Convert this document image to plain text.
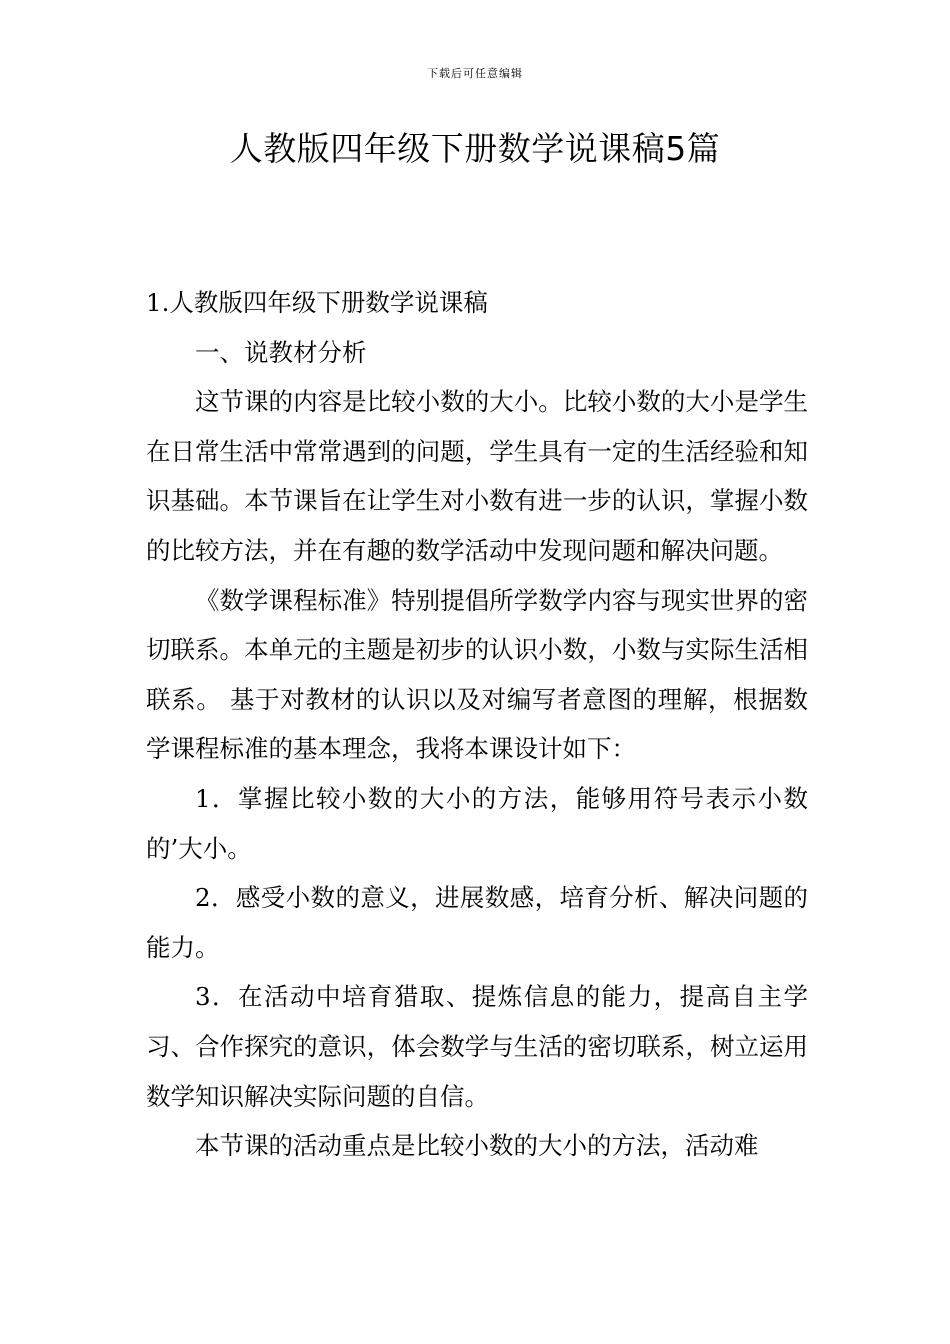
下载后可任意编辑
人教版四年级下册数学说课稿5篇

1.人教版四年级下册数学说课稿

一、说教材分析

这节课的内容是比较小数的大小。比较小数的大小是学生在日常生活中常常遇到的问题，学生具有一定的生活经验和知识基础。本节课旨在让学生对小数有进一步的认识，掌握小数的比较方法，并在有趣的数学活动中发现问题和解决问题。

《数学课程标准》特别提倡所学数学内容与现实世界的密切联系。本单元的主题是初步的认识小数，小数与实际生活相联系。 基于对教材的认识以及对编写者意图的理解，根据数学课程标准的基本理念，我将本课设计如下：

1．掌握比较小数的大小的方法，能够用符号表示小数的’大小。

2．感受小数的意义，进展数感，培育分析、解决问题的能力。

3．在活动中培育猎取、提炼信息的能力，提高自主学习、合作探究的意识，体会数学与生活的密切联系，树立运用数学知识解决实际问题的自信。

本节课的活动重点是比较小数的大小的方法，活动难
